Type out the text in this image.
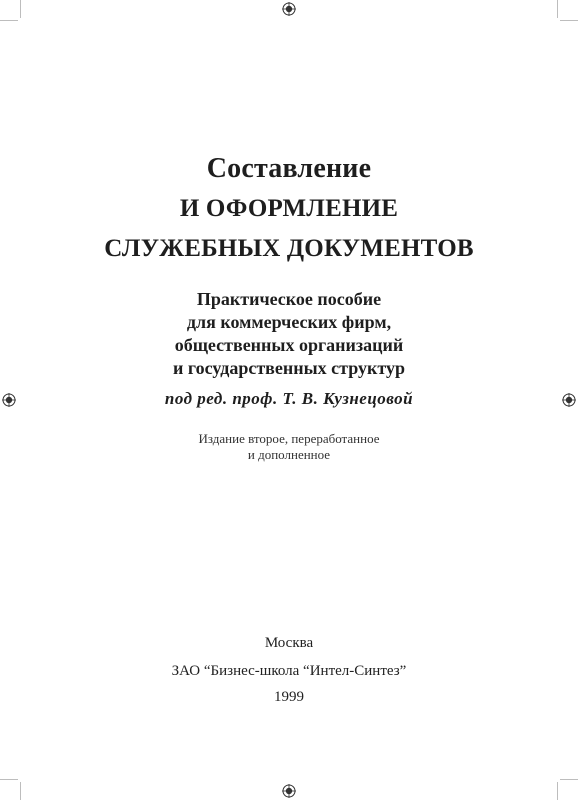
Составление
И ОФОРМЛЕНИЕ
СЛУЖЕБНЫХ ДОКУМЕНТОВ
Практическое пособие
для коммерческих фирм,
общественных организаций
и государственных структур
под ред. проф. Т. В. Кузнецовой
Издание второе, переработанное
и дополненное
Москва
ЗАО “Бизнес-школа “Интел-Синтез”
1999
